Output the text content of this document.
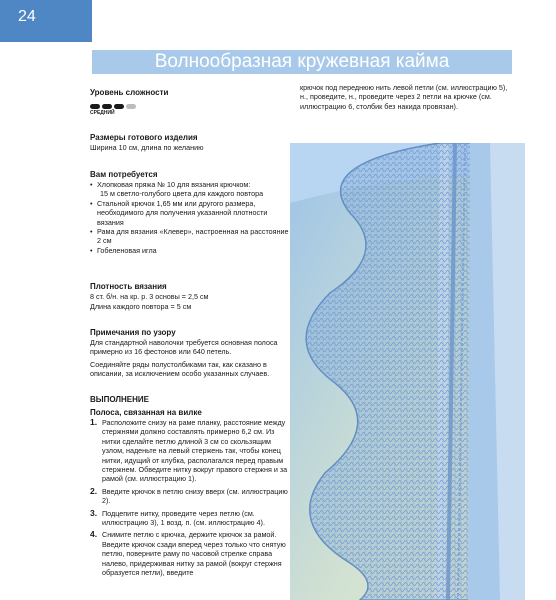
24
Волнообразная кружевная кайма

Уровень сложности

СРЕДНИЙ
крючок под переднюю нить левой петли (см. иллюстрацию 5), н., проведите, н., проведите через 2 петли на крючке (см. иллюстрацию 6, столбик без накида провязан).

Размеры готового изделия

Ширина 10 см, длина по желанию

Вам потребуется

• Хлопковая пряжа № 10 для вязания крючком:
15 м светло-голубого цвета для каждого повтора
• Стальной крючок 1,65 мм или другого размера, необходимого для получения указанной плотности вязания
• Рама для вязания «Клевер», настроенная на расстояние 2 см
• Гобеленовая игла

Плотность вязания

8 ст. б/н. на кр. р. 3 основы = 2,5 см

Длина каждого повтора = 5 см

Примечания по узору

Для стандартной наволочки требуется основная полоса примерно из 16 фестонов или 640 петель.

Соединяйте ряды полустолбиками так, как сказано в описании, за исключением особо указанных случаев.

ВЫПОЛНЕНИЕ

Полоса, связанная на вилке

1. Расположите снизу на раме планку, расстояние между стержнями должно составлять примерно 6,2 см. Из нитки сделайте петлю длиной 3 см со скользящим узлом, наденьте на левый стержень так, чтобы конец нитки, идущий от клубка, располагался перед правым стержнем. Обведите нитку вокруг правого стержня и за рамой (см. иллюстрацию 1).
2. Введите крючок в петлю снизу вверх (см. иллюстрацию 2).
3. Подцепите нитку, проведите через петлю (см. иллюстрацию 3), 1 возд. п. (см. иллюстрацию 4).
4. Снимите петлю с крючка, держите крючок за рамой. Введите крючок сзади вперед через только что снятую петлю, поверните раму по часовой стрелке справа налево, придерживая нитку за рамой (вокруг стержня образуется петли), введите
